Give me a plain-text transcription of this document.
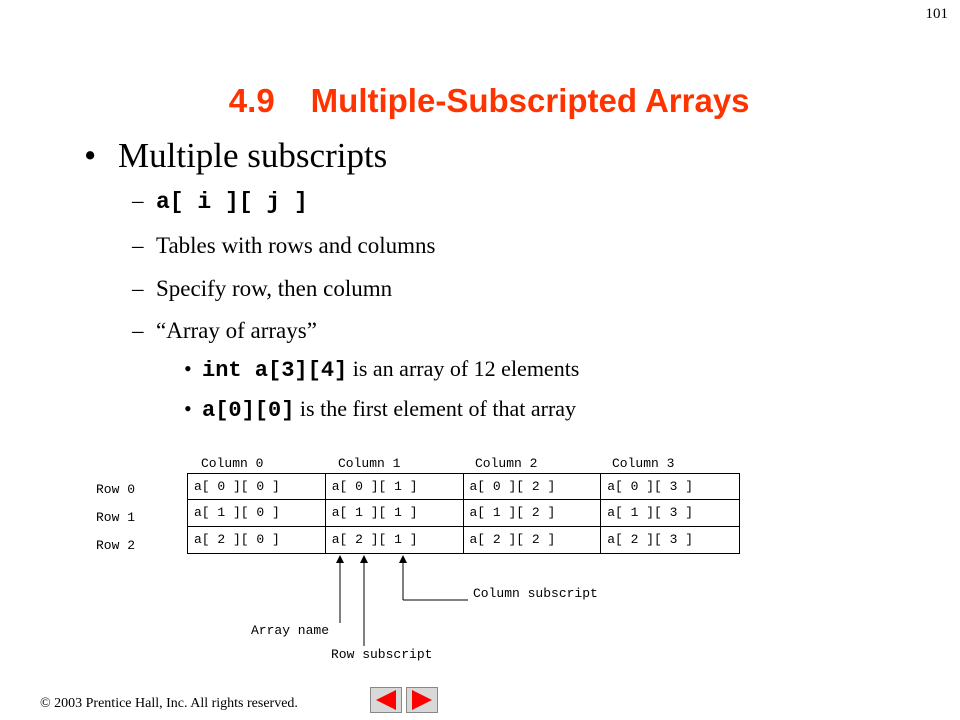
101

4.9 Multiple-Subscripted Arrays

• Multiple subscripts
– a[ i ][ j ]
– Tables with rows and columns
– Specify row, then column
– “Array of arrays”
• int a[3][4] is an array of 12 elements
• a[0][0] is the first element of that array
Column 0	Column 1	Column 2	Column 3
Row 0
Row 1
Row 2
a[ 0 ][ 0 ]	a[ 0 ][ 1 ]	a[ 0 ][ 2 ]	a[ 0 ][ 3 ]
a[ 1 ][ 0 ]	a[ 1 ][ 1 ]	a[ 1 ][ 2 ]	a[ 1 ][ 3 ]
a[ 2 ][ 0 ]	a[ 2 ][ 1 ]	a[ 2 ][ 2 ]	a[ 2 ][ 3 ]
Column subscript
Array name
Row subscript
© 2003 Prentice Hall, Inc. All rights reserved.
